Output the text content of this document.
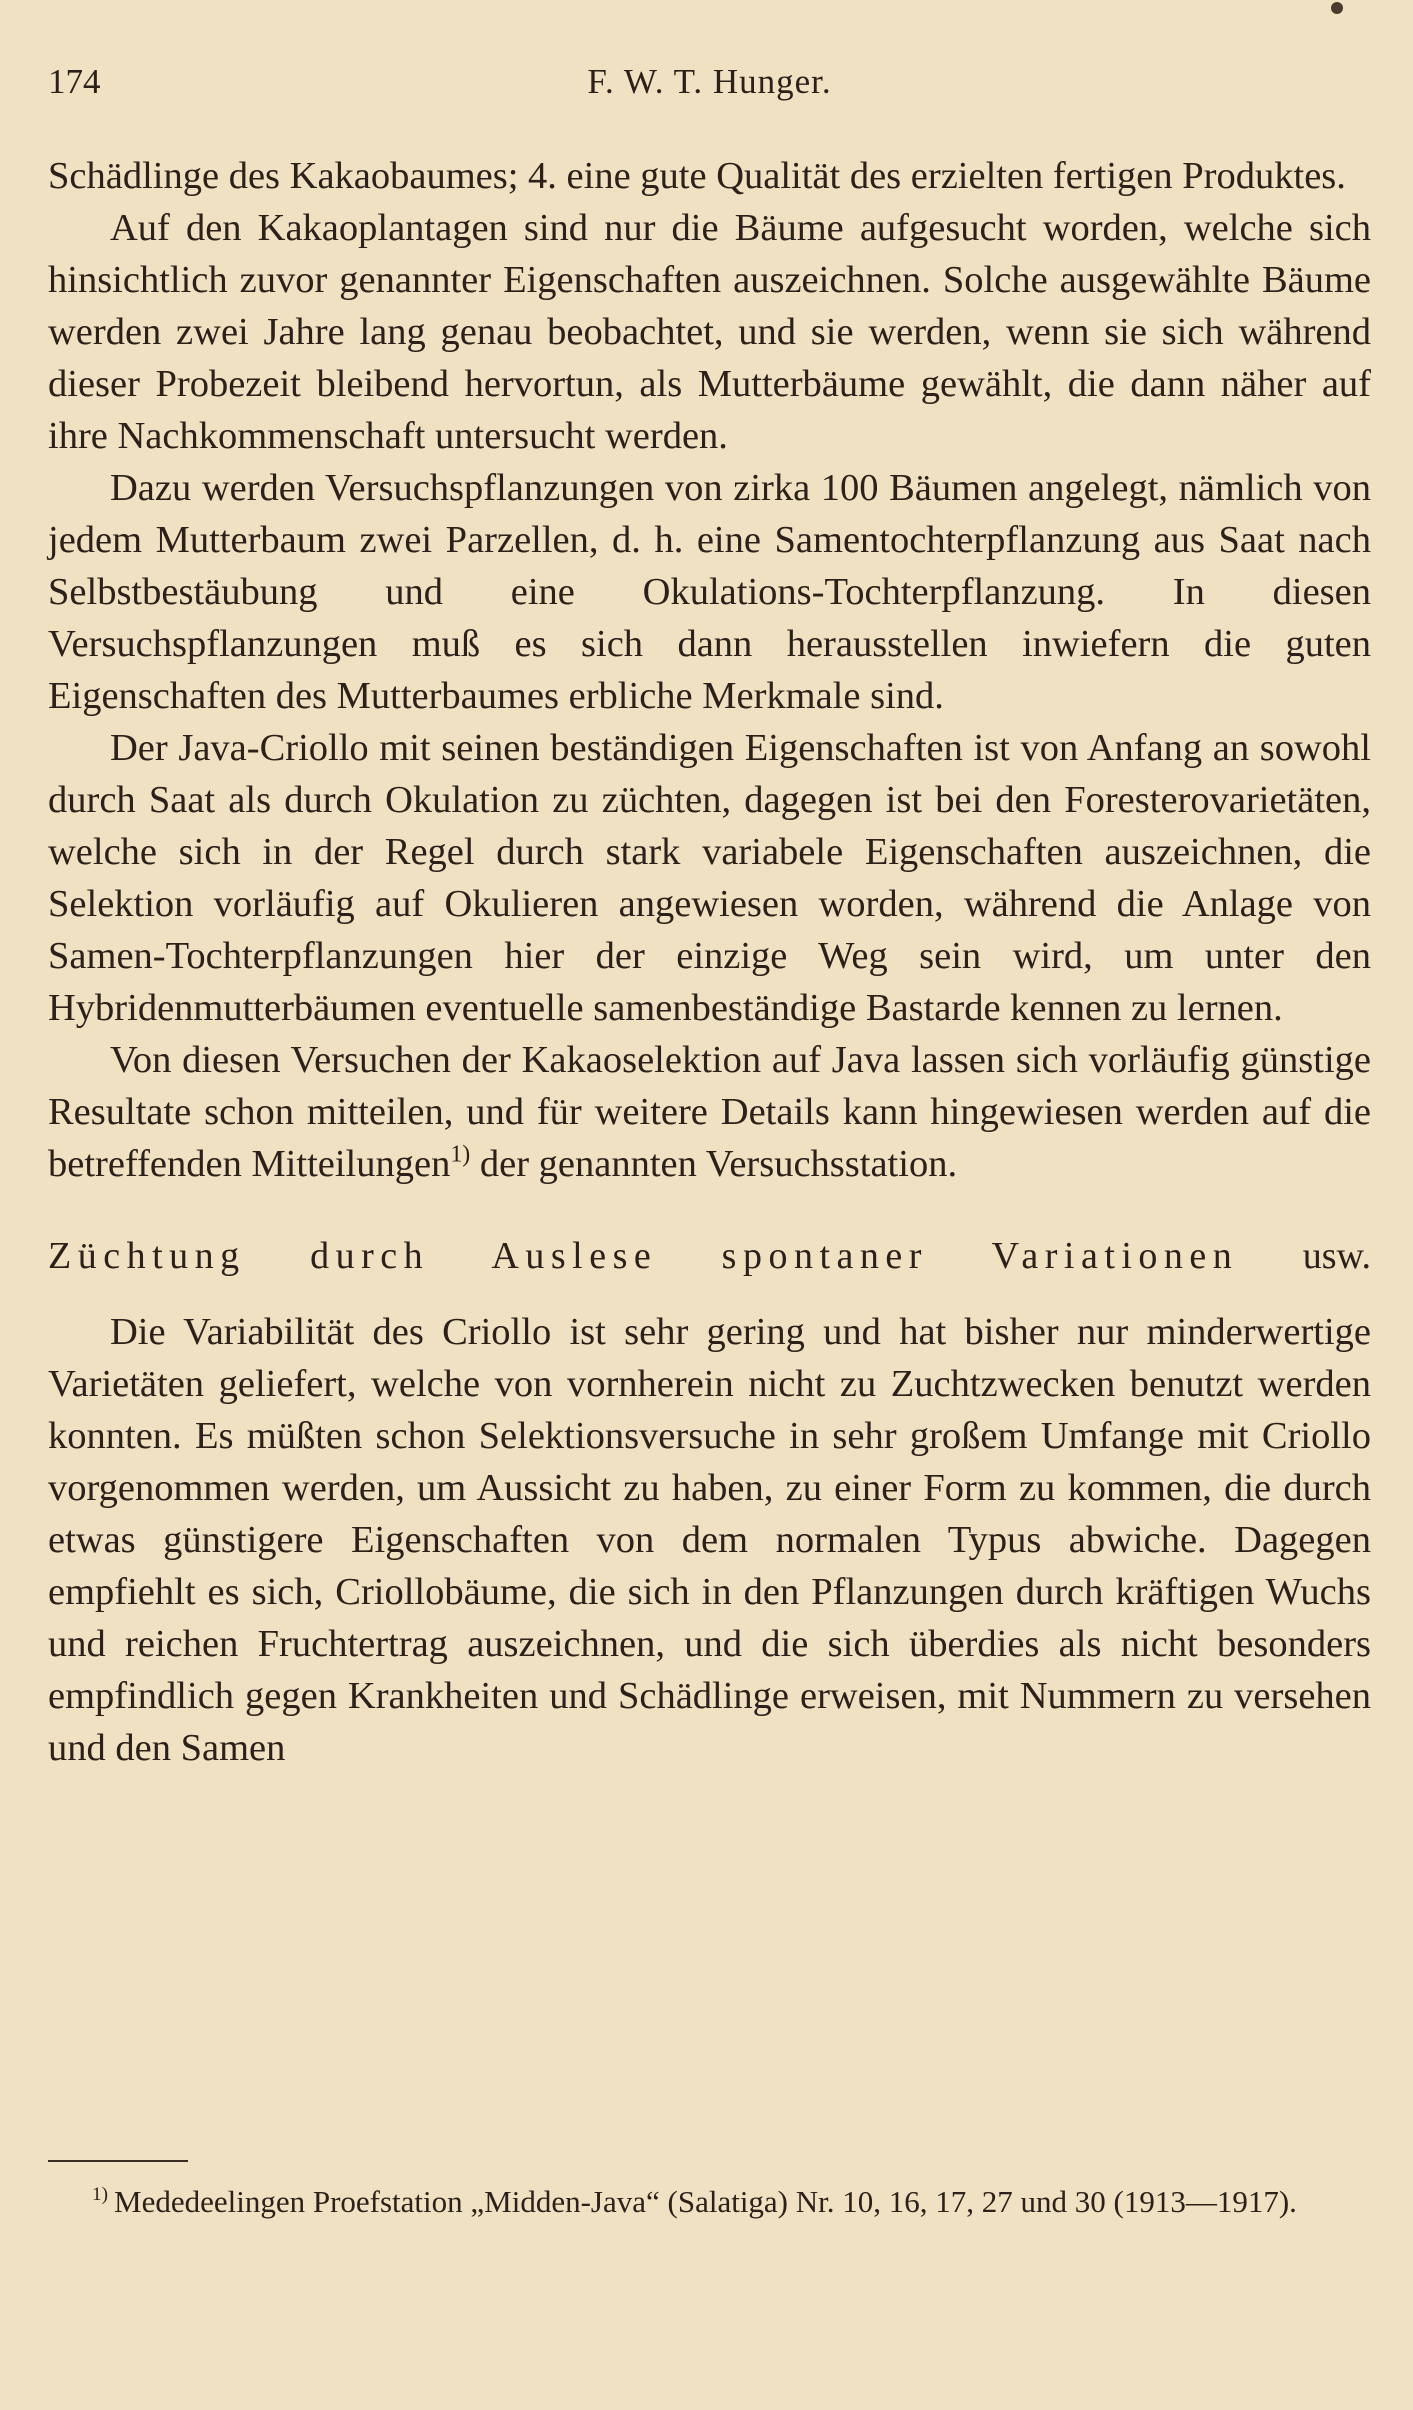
174	F. W. T. Hunger.

Schädlinge des Kakaobaumes; 4. eine gute Qualität des erzielten fertigen Produktes.

Auf den Kakaoplantagen sind nur die Bäume aufgesucht worden, welche sich hinsichtlich zuvor genannter Eigenschaften auszeichnen. Solche ausgewählte Bäume werden zwei Jahre lang genau beobachtet, und sie werden, wenn sie sich während dieser Probezeit bleibend hervortun, als Mutterbäume gewählt, die dann näher auf ihre Nachkommenschaft untersucht werden.

Dazu werden Versuchspflanzungen von zirka 100 Bäumen angelegt, nämlich von jedem Mutterbaum zwei Parzellen, d. h. eine Samentochterpflanzung aus Saat nach Selbstbestäubung und eine Okulations-Tochterpflanzung. In diesen Versuchspflanzungen muß es sich dann herausstellen inwiefern die guten Eigenschaften des Mutterbaumes erbliche Merkmale sind.

Der Java-Criollo mit seinen beständigen Eigenschaften ist von Anfang an sowohl durch Saat als durch Okulation zu züchten, dagegen ist bei den Foresterovarietäten, welche sich in der Regel durch stark variabele Eigenschaften auszeichnen, die Selektion vorläufig auf Okulieren angewiesen worden, während die Anlage von Samen-Tochterpflanzungen hier der einzige Weg sein wird, um unter den Hybridenmutterbäumen eventuelle samenbeständige Bastarde kennen zu lernen.

Von diesen Versuchen der Kakaoselektion auf Java lassen sich vorläufig günstige Resultate schon mitteilen, und für weitere Details kann hingewiesen werden auf die betreffenden Mitteilungen$^{1)}$ der genannten Versuchsstation.

Züchtung durch Auslese spontaner Variationen usw.

Die Variabilität des Criollo ist sehr gering und hat bisher nur minderwertige Varietäten geliefert, welche von vornherein nicht zu Zuchtzwecken benutzt werden konnten. Es müßten schon Selektionsversuche in sehr großem Umfange mit Criollo vorgenommen werden, um Aussicht zu haben, zu einer Form zu kommen, die durch etwas günstigere Eigenschaften von dem normalen Typus abwiche. Dagegen empfiehlt es sich, Criollobäume, die sich in den Pflanzungen durch kräftigen Wuchs und reichen Fruchtertrag auszeichnen, und die sich überdies als nicht besonders empfindlich gegen Krankheiten und Schädlinge erweisen, mit Nummern zu versehen und den Samen

$^{1)}$ Mededeelingen Proefstation „Midden-Java“ (Salatiga) Nr. 10, 16, 17, 27 und 30 (1913—1917).
